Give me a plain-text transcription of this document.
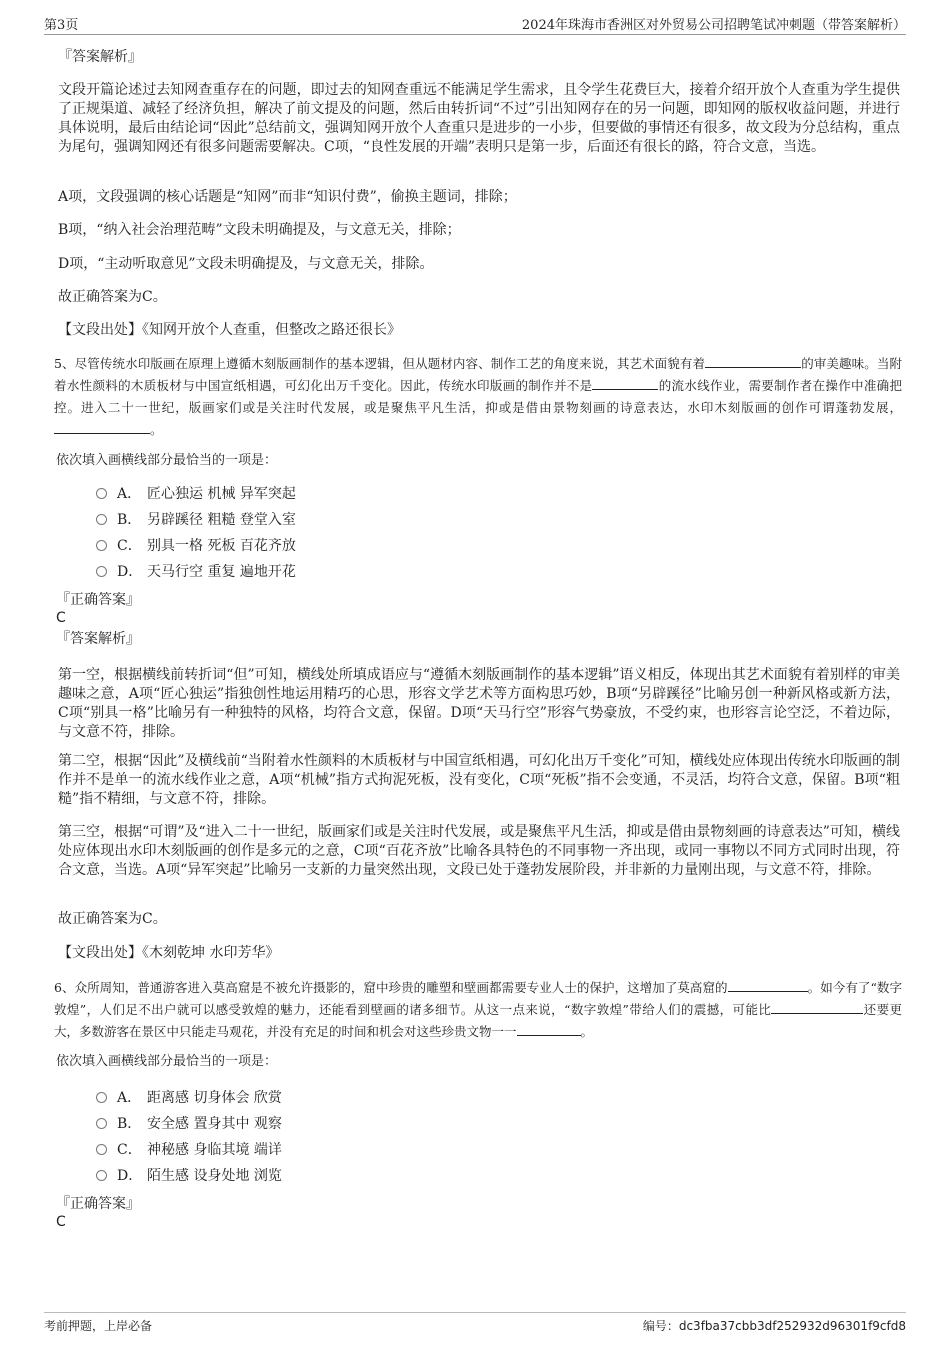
第3页	2024年珠海市香洲区对外贸易公司招聘笔试冲刺题（带答案解析）
『答案解析』

文段开篇论述过去知网查重存在的问题，即过去的知网查重远不能满足学生需求，且令学生花费巨大，接着介绍开放个人查重为学生提供了正规渠道、减轻了经济负担，解决了前文提及的问题，然后由转折词“不过”引出知网存在的另一问题，即知网的版权收益问题，并进行具体说明，最后由结论词“因此”总结前文，强调知网开放个人查重只是进步的一小步，但要做的事情还有很多，故文段为分总结构，重点为尾句，强调知网还有很多问题需要解决。C项，“良性发展的开端”表明只是第一步，后面还有很长的路，符合文意，当选。

A项，文段强调的核心话题是“知网”而非“知识付费”，偷换主题词，排除；

B项，“纳入社会治理范畴”文段未明确提及，与文意无关，排除；

D项，“主动听取意见”文段未明确提及，与文意无关，排除。

故正确答案为C。

【文段出处】《知网开放个人查重，但整改之路还很长》

5、尽管传统水印版画在原理上遵循木刻版画制作的基本逻辑，但从题材内容、制作工艺的角度来说，其艺术面貌有着	的审美趣味。当附着水性颜料的木质板材与中国宣纸相遇，可幻化出万千变化。因此，传统水印版画的制作并不是	的流水线作业，需要制作者在操作中准确把控。进入二十一世纪，版画家们或是关注时代发展，或是聚焦平凡生活，抑或是借由景物刻画的诗意表达，水印木刻版画的创作可谓蓬勃发展，。

依次填入画横线部分最恰当的一项是：
A． 匠心独运 机械 异军突起
B． 另辟蹊径 粗糙 登堂入室
C． 别具一格 死板 百花齐放
D． 天马行空 重复 遍地开花
『正确答案』
C
『答案解析』

第一空，根据横线前转折词“但”可知，横线处所填成语应与“遵循木刻版画制作的基本逻辑”语义相反，体现出其艺术面貌有着别样的审美趣味之意，A项“匠心独运”指独创性地运用精巧的心思，形容文学艺术等方面构思巧妙，B项“另辟蹊径”比喻另创一种新风格或新方法，C项“别具一格”比喻另有一种独特的风格，均符合文意，保留。D项“天马行空”形容气势豪放，不受约束，也形容言论空泛，不着边际，与文意不符，排除。

第二空，根据“因此”及横线前“当附着水性颜料的木质板材与中国宣纸相遇，可幻化出万千变化”可知，横线处应体现出传统水印版画的制作并不是单一的流水线作业之意，A项“机械”指方式拘泥死板，没有变化，C项“死板”指不会变通，不灵活，均符合文意，保留。B项“粗糙”指不精细，与文意不符，排除。

第三空，根据“可谓”及“进入二十一世纪，版画家们或是关注时代发展，或是聚焦平凡生活，抑或是借由景物刻画的诗意表达”可知，横线处应体现出水印木刻版画的创作是多元的之意，C项“百花齐放”比喻各具特色的不同事物一齐出现，或同一事物以不同方式同时出现，符合文意，当选。A项“异军突起”比喻另一支新的力量突然出现，文段已处于蓬勃发展阶段，并非新的力量刚出现，与文意不符，排除。

故正确答案为C。

【文段出处】《木刻乾坤 水印芳华》

6、众所周知，普通游客进入莫高窟是不被允许摄影的，窟中珍贵的雕塑和壁画都需要专业人士的保护，这增加了莫高窟的	。如今有了“数字敦煌”，人们足不出户就可以感受敦煌的魅力，还能看到壁画的诸多细节。从这一点来说，“数字敦煌”带给人们的震撼，可能比	还要更大，多数游客在景区中只能走马观花，并没有充足的时间和机会对这些珍贵文物一一	。

依次填入画横线部分最恰当的一项是：
A． 距离感 切身体会 欣赏
B． 安全感 置身其中 观察
C． 神秘感 身临其境 端详
D． 陌生感 设身处地 浏览
『正确答案』
C
考前押题，上岸必备	编号：dc3fba37cbb3df252932d96301f9cfd8
